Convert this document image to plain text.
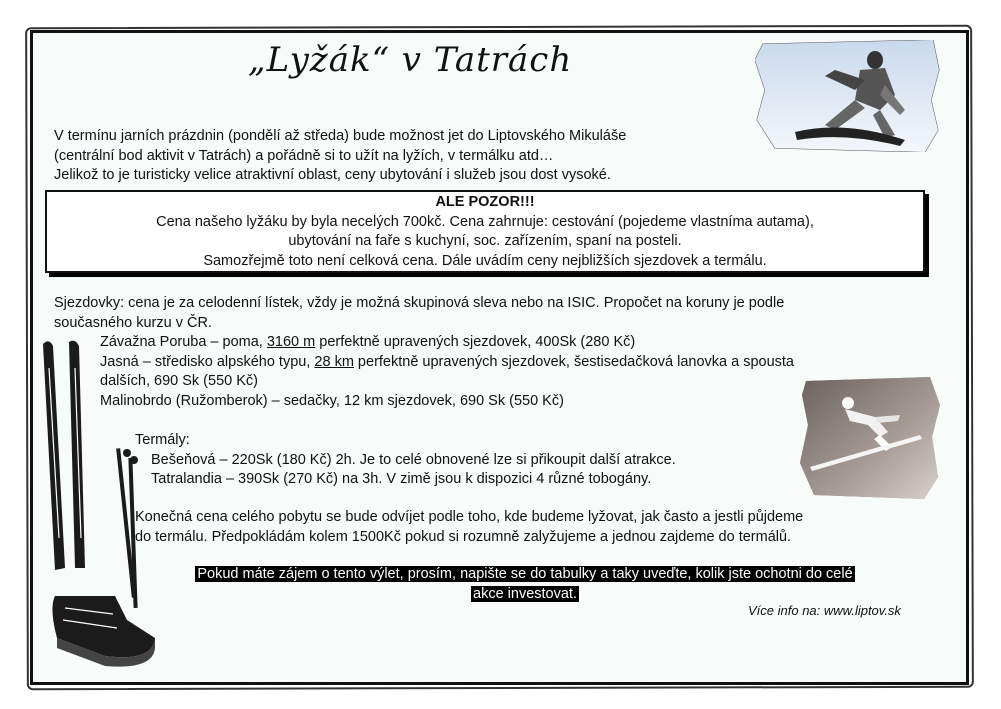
„Lyžák“ v Tatrách
V termínu jarních prázdnin (pondělí až středa) bude možnost jet do Liptovského Mikuláše
(centrální bod aktivit v Tatrách) a pořádně si to užít na lyžích, v termálku atd…
Jelikož to je turisticky velice atraktivní oblast, ceny ubytování i služeb jsou dost vysoké.
ALE POZOR!!!
Cena našeho lyžáku by byla necelých 700kč. Cena zahrnuje: cestování (pojedeme vlastníma autama),
ubytování na faře s kuchyní, soc. zařízením, spaní na posteli.
Samozřejmě toto není celková cena. Dále uvádím ceny nejbližších sjezdovek a termálu.
Sjezdovky: cena je za celodenní lístek, vždy je možná skupinová sleva nebo na ISIC. Propočet na koruny je podle
současného kurzu v ČR.
Závažna Poruba – poma, 3160 m perfektně upravených sjezdovek, 400Sk (280 Kč)
Jasná – středisko alpského typu, 28 km perfektně upravených sjezdovek, šestisedačková lanovka a spousta
dalších, 690 Sk (550 Kč)
Malinobrdo (Ružomberok) – sedačky, 12 km sjezdovek, 690 Sk (550 Kč)
Termály:
Bešeňová – 220Sk (180 Kč) 2h. Je to celé obnovené lze si přikoupit další atrakce.
Tatralandia – 390Sk (270 Kč) na 3h. V zimě jsou k dispozici 4 různé tobogány.
Konečná cena celého pobytu se bude odvíjet podle toho, kde budeme lyžovat, jak často a jestli půjdeme
do termálu. Předpokládám kolem 1500Kč pokud si rozumně zalyžujeme a jednou zajdeme do termálů.
Pokud máte zájem o tento výlet, prosím, napište se do tabulky a taky uveďte, kolik jste ochotni do celé
akce investovat.
Více info na: www.liptov.sk
